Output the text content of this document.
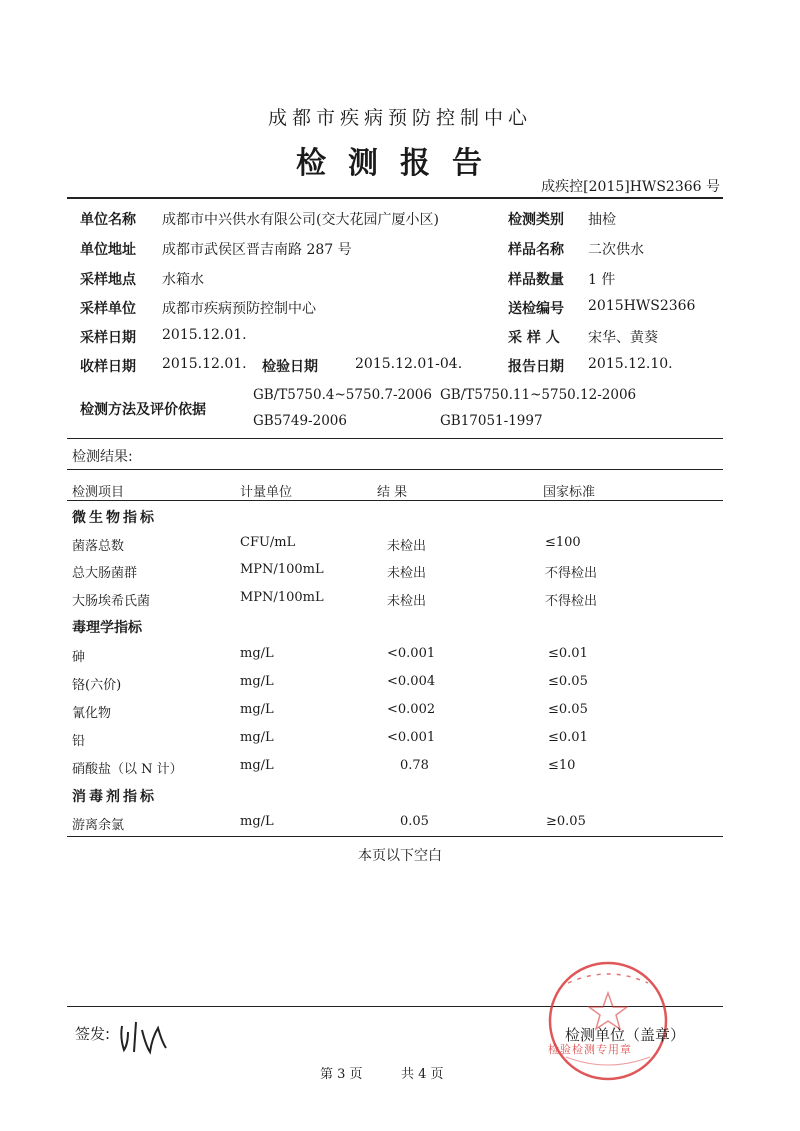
成都市疾病预防控制中心
检测报告
成疾控[2015]HWS2366 号
单位名称 成都市中兴供水有限公司(交大花园广厦小区)	检测类别 抽检
单位地址 成都市武侯区晋吉南路 287 号	样品名称 二次供水
采样地点 水箱水	样品数量 1 件
采样单位 成都市疾病预防控制中心	送检编号 2015HWS2366
采样日期 2015.12.01.	采 样 人 宋华、黄葵
收样日期 2015.12.01. 检验日期	2015.12.01-04.	报告日期 2015.12.10.
检测方法及评价依据
GB/T5750.4~5750.7-2006 GB/T5750.11~5750.12-2006
GB5749-2006	GB17051-1997
检测结果:
检测项目	计量单位	结 果	国家标准
微生物指标
菌落总数	CFU/mL	未检出	≤100
总大肠菌群	MPN/100mL	未检出	不得检出
大肠埃希氏菌	MPN/100mL	未检出	不得检出
毒理学指标
砷	mg/L	<0.001	≤0.01
铬(六价)	mg/L	<0.004	≤0.05
氰化物	mg/L	<0.002	≤0.05
铅	mg/L	<0.001	≤0.01
硝酸盐（以 N 计）	mg/L	0.78	≤10
消毒剂指标
游离余氯	mg/L	0.05	≥0.05
本页以下空白
签发:
检验检测专用章
检测单位（盖章）
第 3 页	共 4 页
